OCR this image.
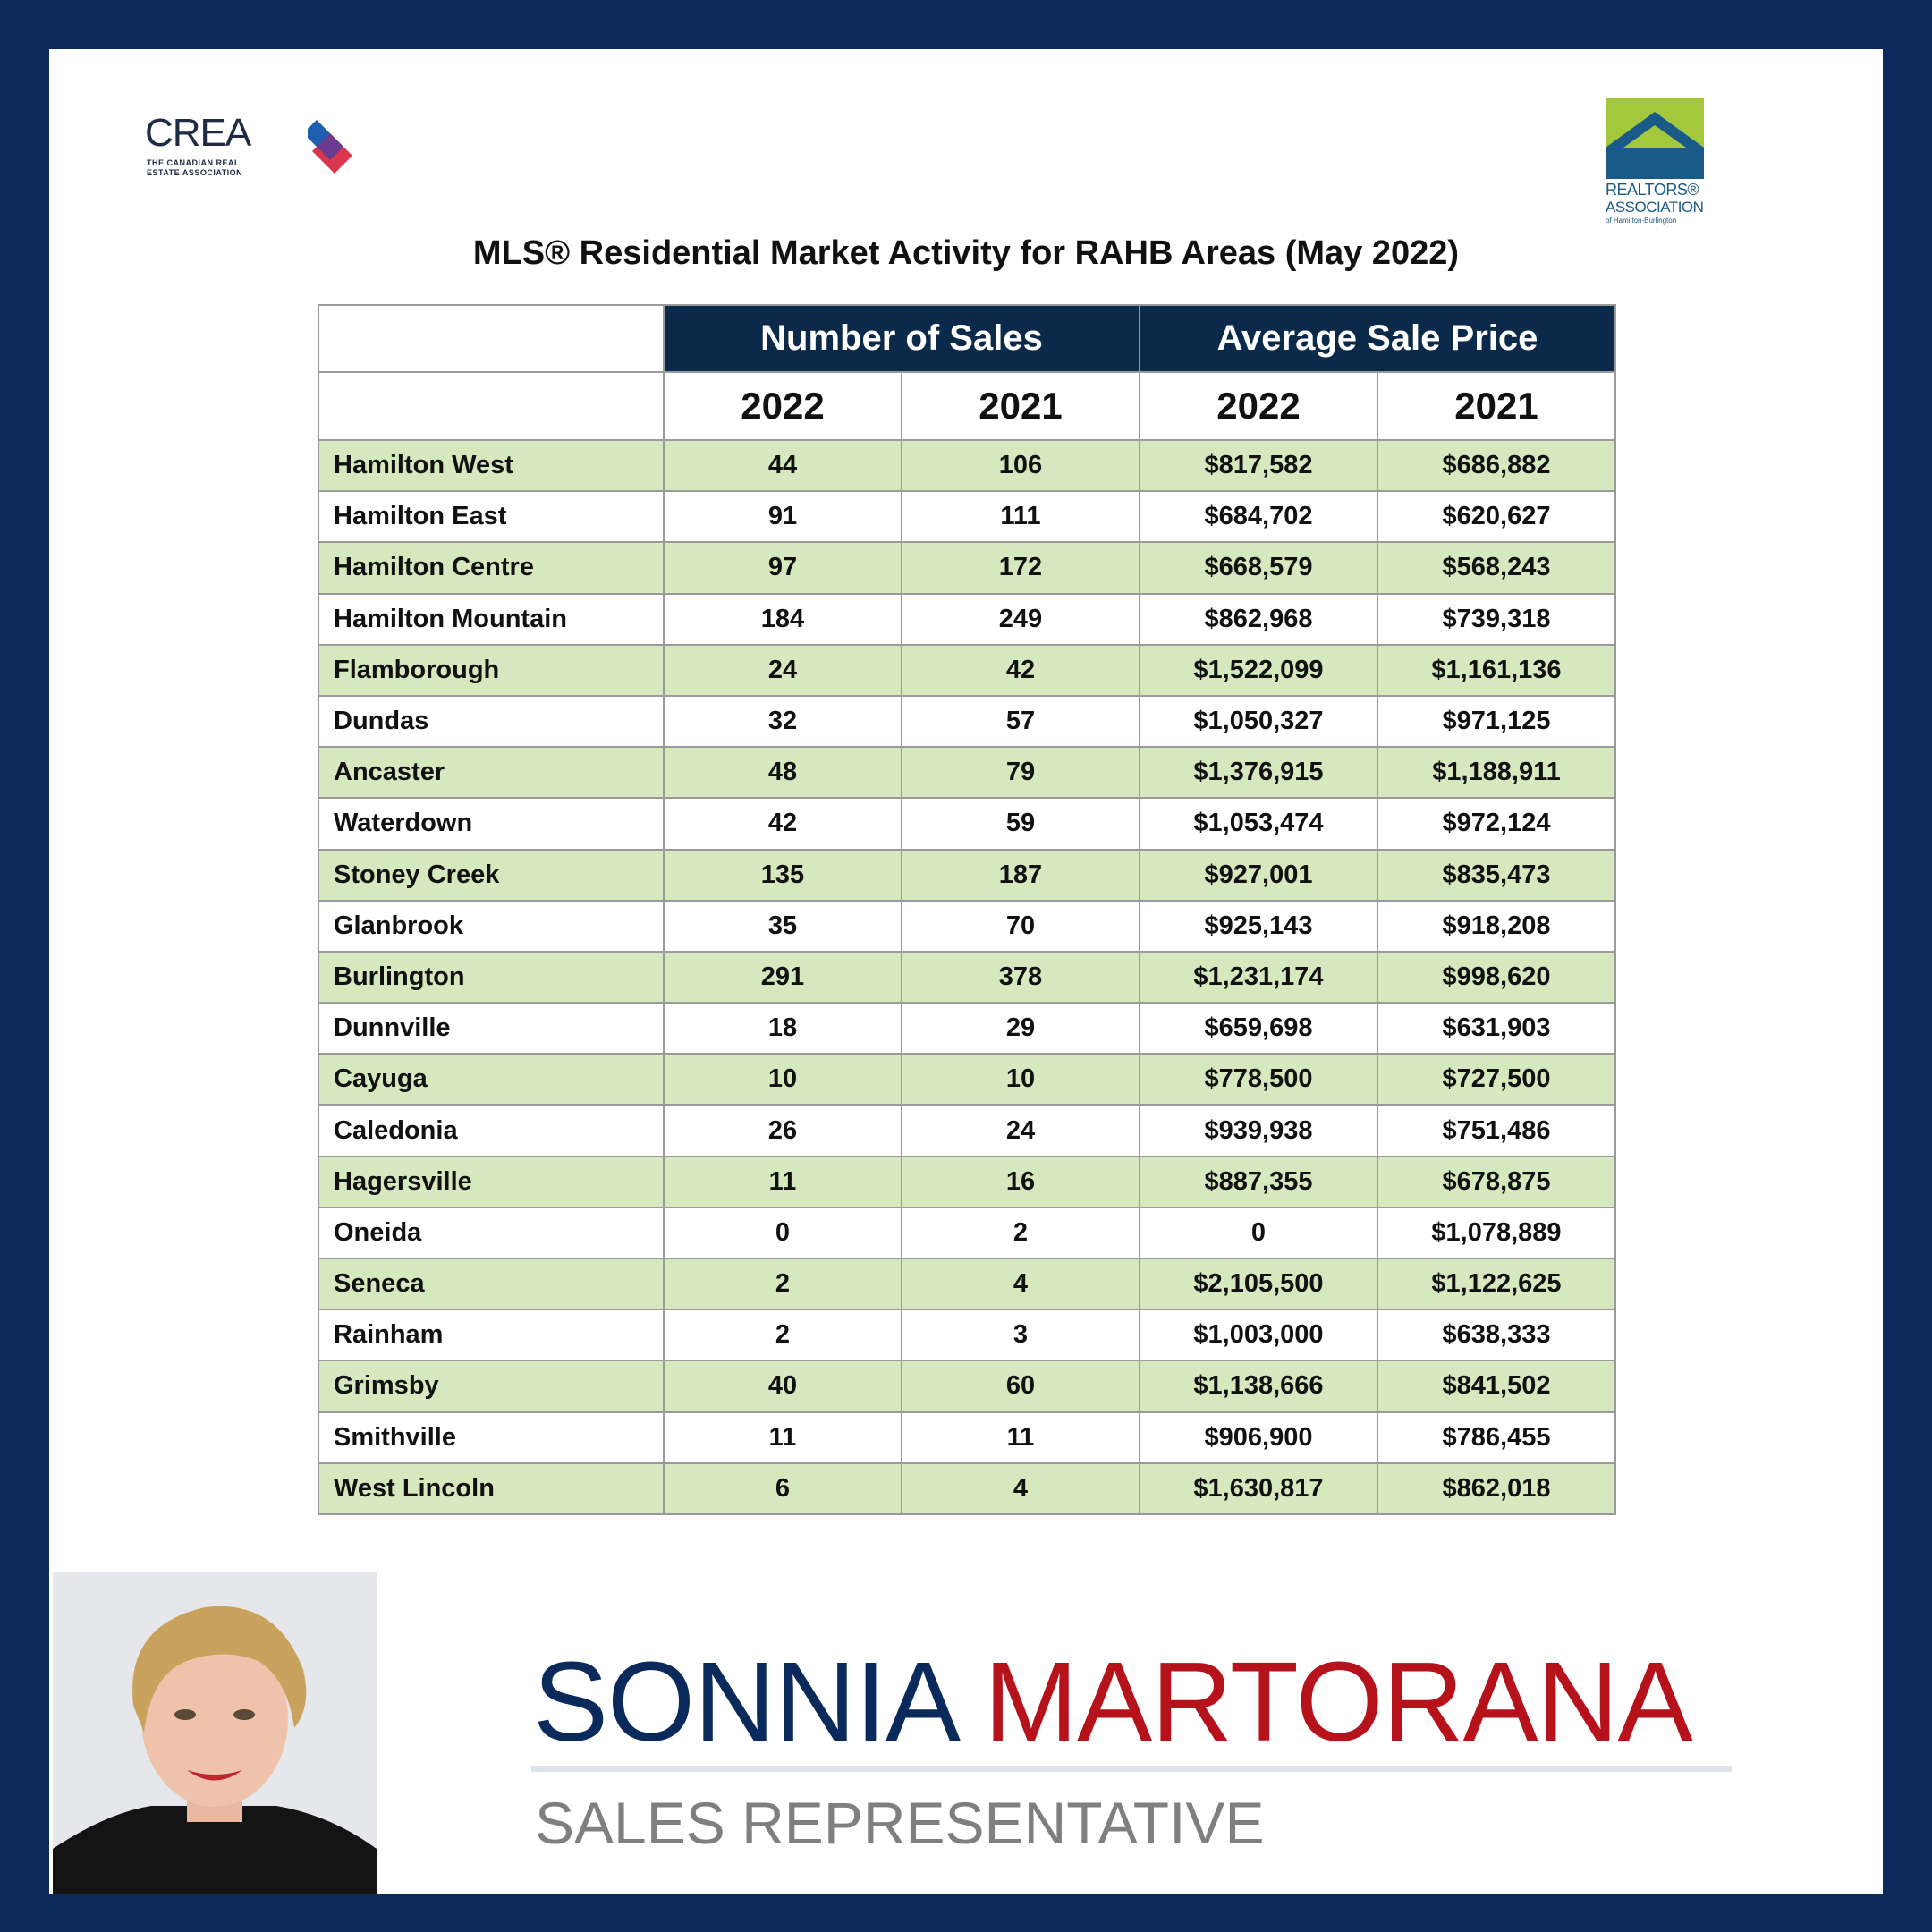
CREA
THE CANADIAN REAL ESTATE ASSOCIATION
REALTORS®
ASSOCIATION
of Hamilton-Burlington
MLS® Residential Market Activity for RAHB Areas (May 2022)
	Number of Sales		Average Sale Price	
	2022	2021	2022	2021
Hamilton West	44	106	$817,582	$686,882
Hamilton East	91	111	$684,702	$620,627
Hamilton Centre	97	172	$668,579	$568,243
Hamilton Mountain	184	249	$862,968	$739,318
Flamborough	24	42	$1,522,099	$1,161,136
Dundas	32	57	$1,050,327	$971,125
Ancaster	48	79	$1,376,915	$1,188,911
Waterdown	42	59	$1,053,474	$972,124
Stoney Creek	135	187	$927,001	$835,473
Glanbrook	35	70	$925,143	$918,208
Burlington	291	378	$1,231,174	$998,620
Dunnville	18	29	$659,698	$631,903
Cayuga	10	10	$778,500	$727,500
Caledonia	26	24	$939,938	$751,486
Hagersville	11	16	$887,355	$678,875
Oneida	0	2	0	$1,078,889
Seneca	2	4	$2,105,500	$1,122,625
Rainham	2	3	$1,003,000	$638,333
Grimsby	40	60	$1,138,666	$841,502
Smithville	11	11	$906,900	$786,455
West Lincoln	6	4	$1,630,817	$862,018
SONNIA MARTORANA
SALES REPRESENTATIVE
